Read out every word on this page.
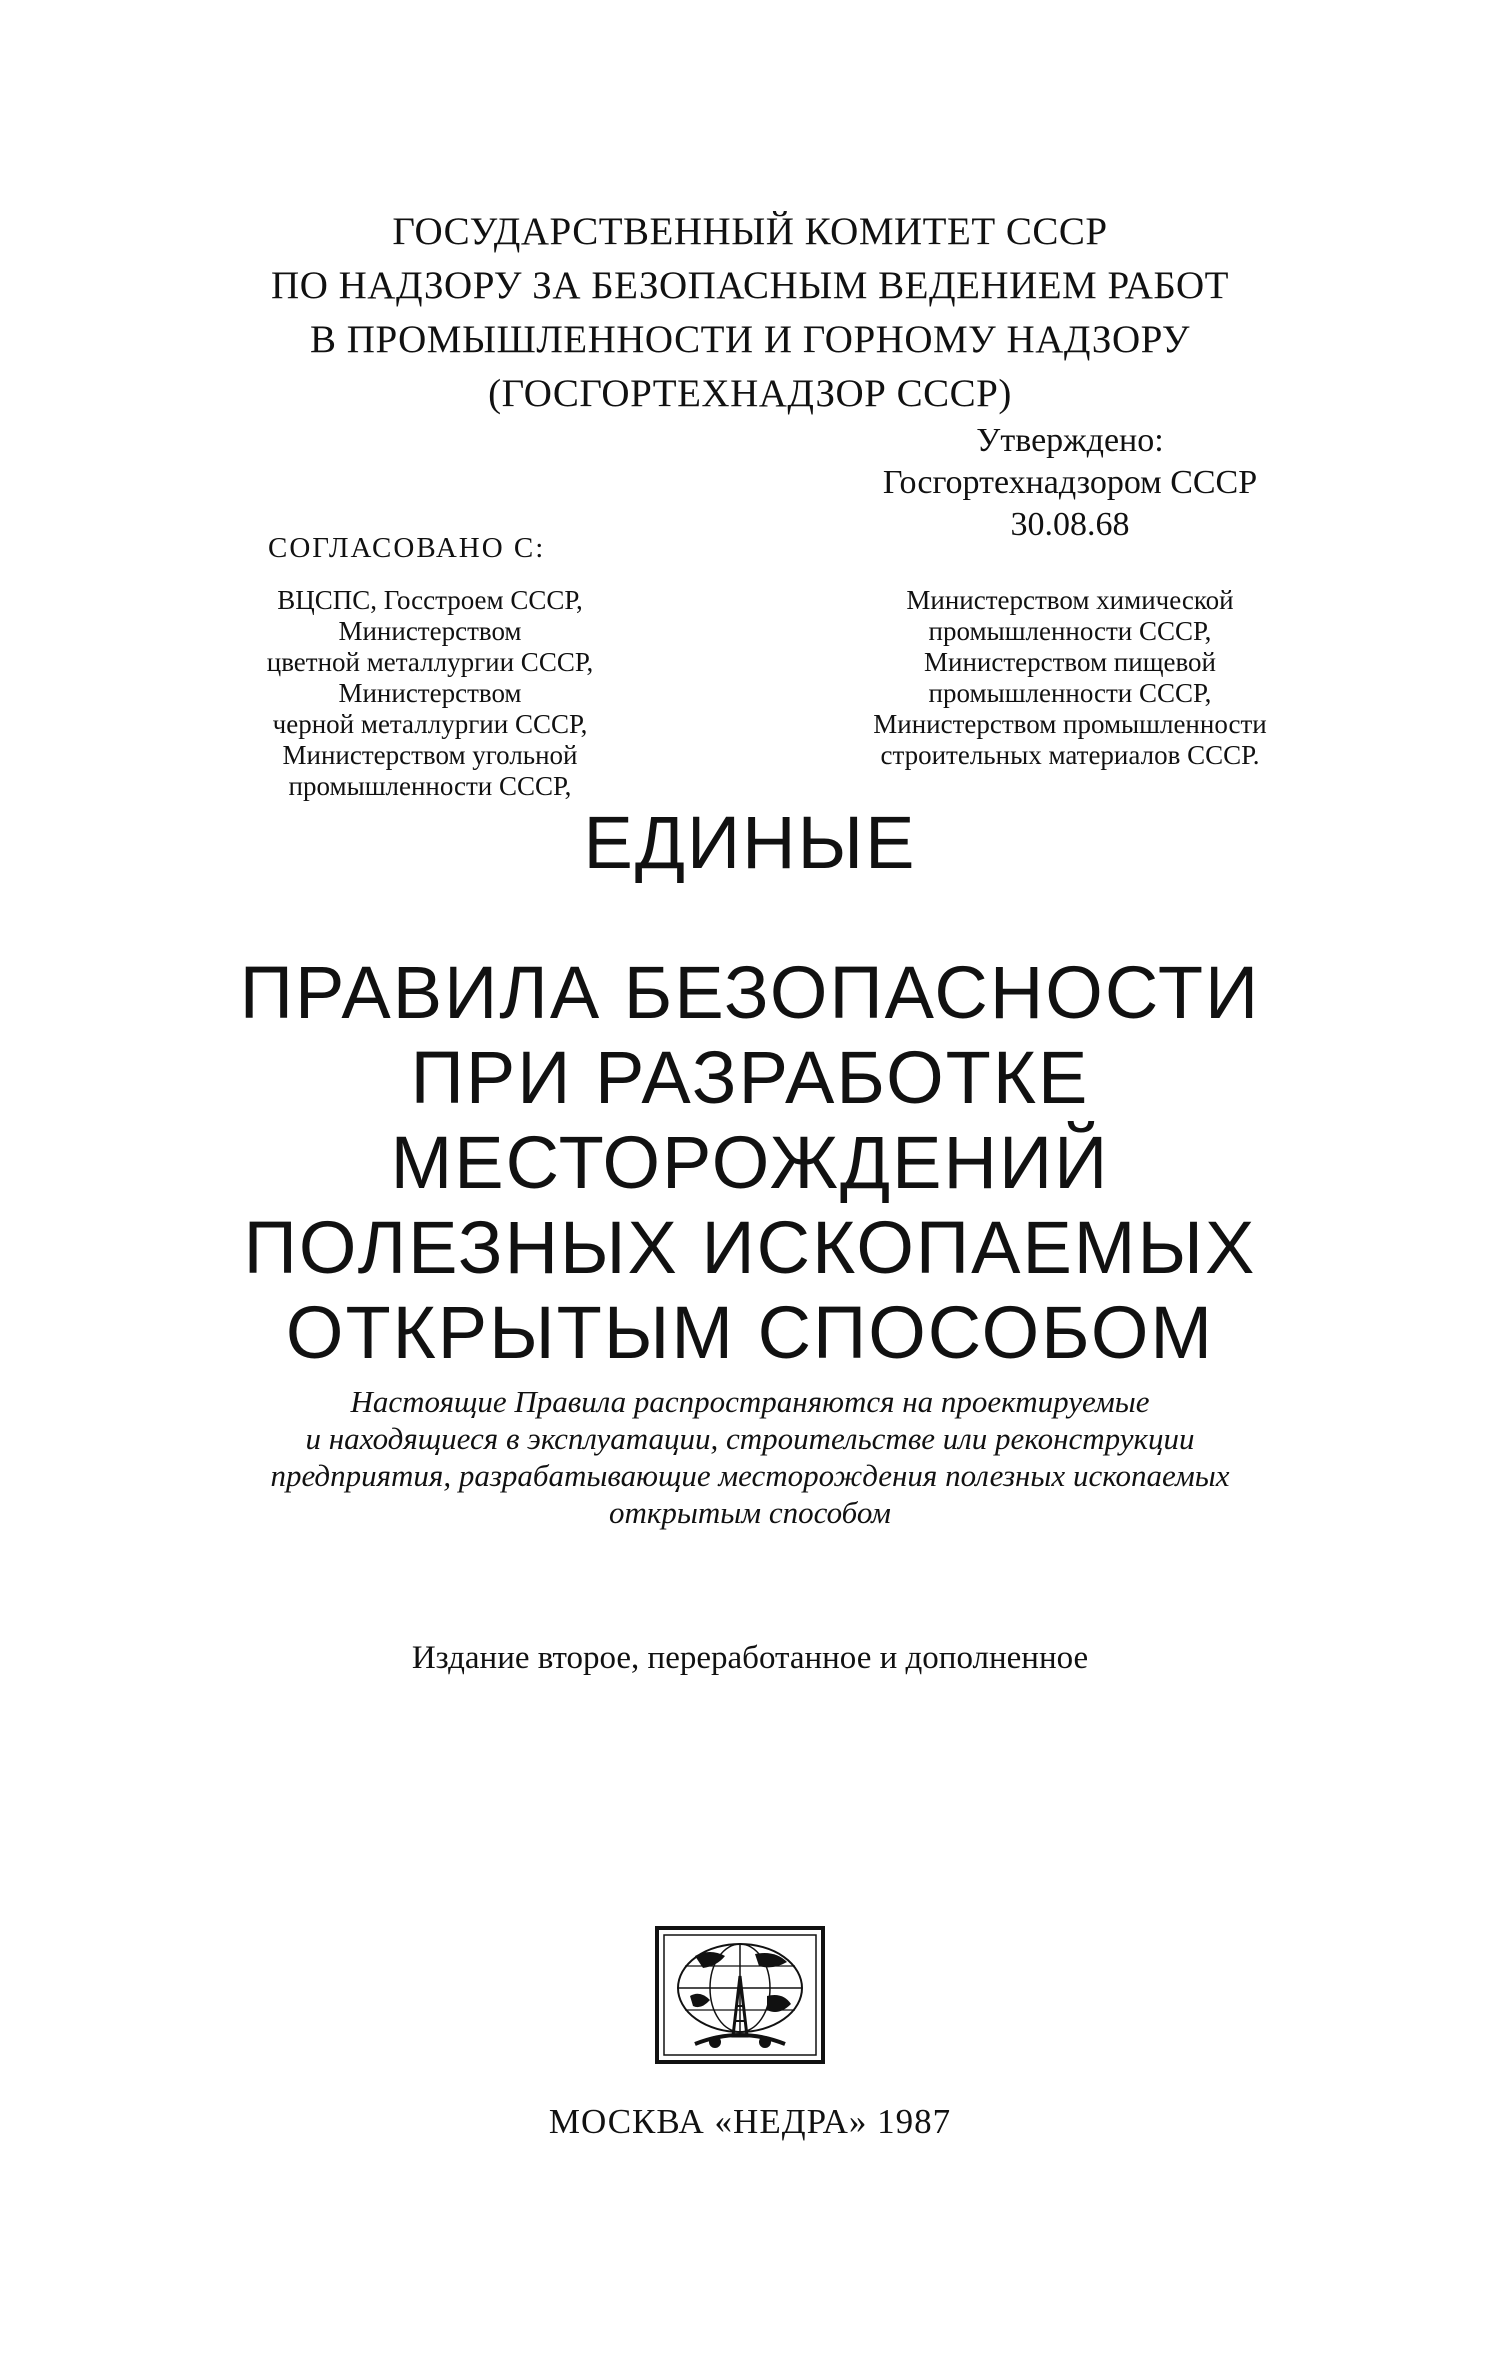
ГОСУДАРСТВЕННЫЙ КОМИТЕТ СССР
ПО НАДЗОРУ ЗА БЕЗОПАСНЫМ ВЕДЕНИЕМ РАБОТ
В ПРОМЫШЛЕННОСТИ И ГОРНОМУ НАДЗОРУ
(ГОСГОРТЕХНАДЗОР СССР)
Утверждено:
Госгортехнадзором СССР
30.08.68
СОГЛАСОВАНО С:
ВЦСПС, Госстроем СССР,
Министерством
цветной металлургии СССР,
Министерством
черной металлургии СССР,
Министерством угольной
промышленности СССР,
Министерством химической
промышленности СССР,
Министерством пищевой
промышленности СССР,
Министерством промышленности
строительных материалов СССР.
ЕДИНЫЕ
ПРАВИЛА БЕЗОПАСНОСТИ
ПРИ РАЗРАБОТКЕ
МЕСТОРОЖДЕНИЙ
ПОЛЕЗНЫХ ИСКОПАЕМЫХ
ОТКРЫТЫМ СПОСОБОМ
Настоящие Правила распространяются на проектируемые
и находящиеся в эксплуатации, строительстве или реконструкции
предприятия, разрабатывающие месторождения полезных ископаемых
открытым способом
Издание второе, переработанное и дополненное
МОСКВА «НЕДРА» 1987
